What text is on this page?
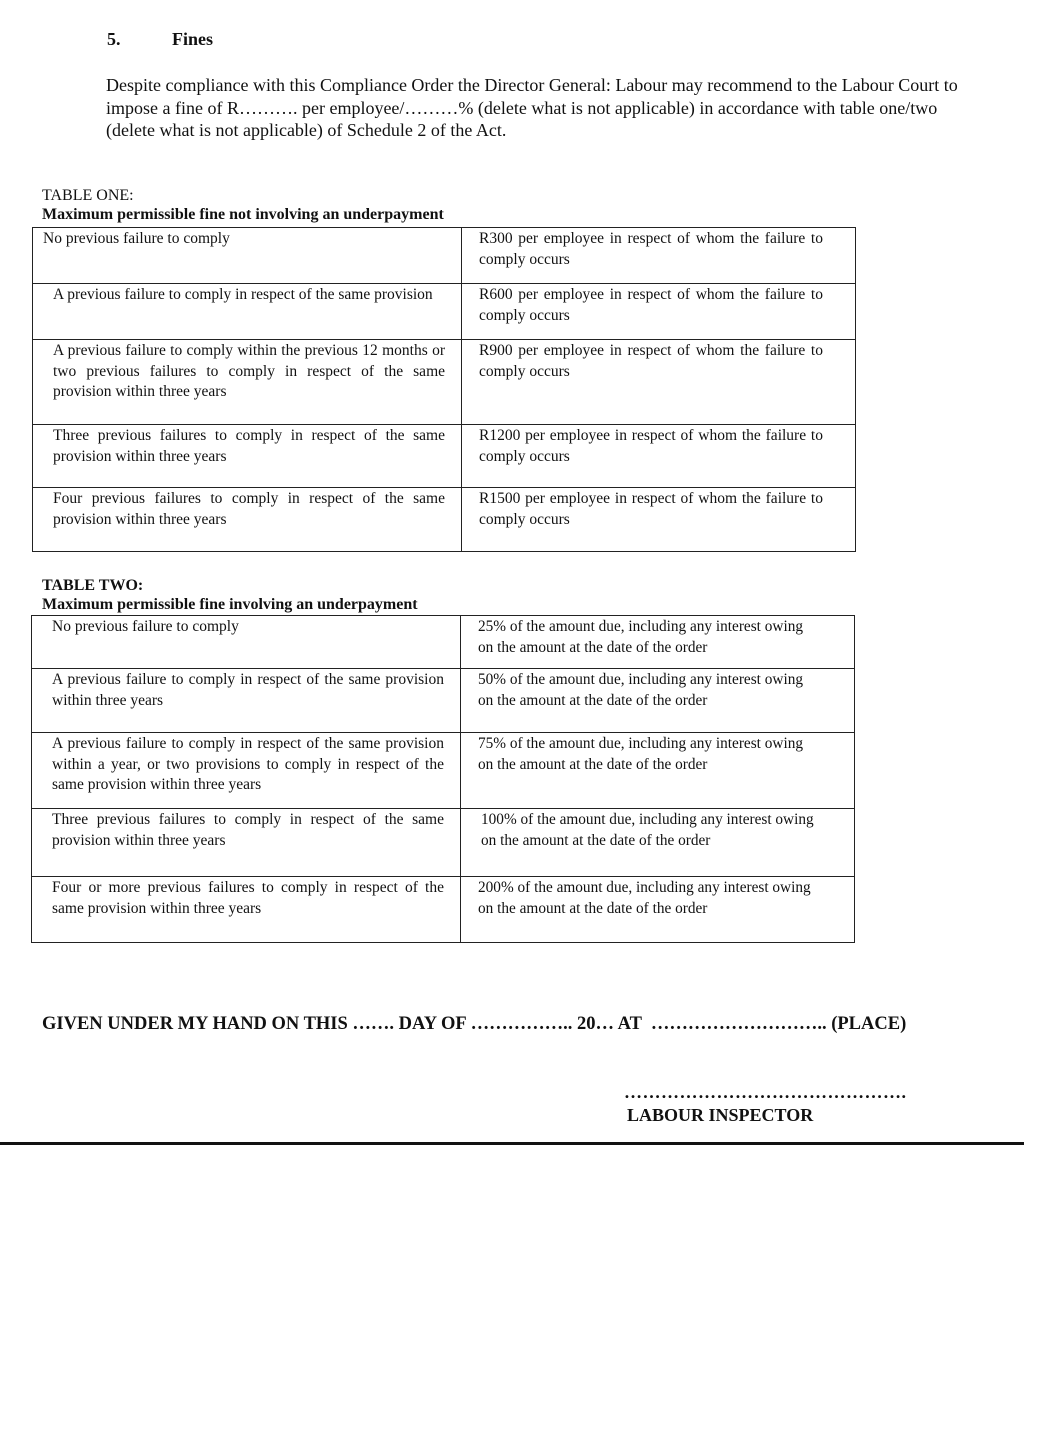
5.	Fines
Despite compliance with this Compliance Order the Director General: Labour may recommend to the Labour Court to impose a fine of R………. per employee/………% (delete what is not applicable) in accordance with table one/two (delete what is not applicable) of Schedule 2 of the Act.
TABLE ONE:
Maximum permissible fine not involving an underpayment
No previous failure to comply	R300 per employee in respect of whom the failure to comply occurs

A previous failure to comply in respect of the same provision	R600 per employee in respect of whom the failure to comply occurs

A previous failure to comply within the previous 12 months or two previous failures to comply in respect of the same provision within three years	R900 per employee in respect of whom the failure to comply occurs

Three previous failures to comply in respect of the same provision within three years	R1200 per employee in respect of whom the failure to comply occurs

Four previous failures to comply in respect of the same provision within three years	R1500 per employee in respect of whom the failure to comply occurs
TABLE TWO:
Maximum permissible fine involving an underpayment
No previous failure to comply	25% of the amount due, including any interest owing on the amount at the date of the order

A previous failure to comply in respect of the same provision within three years	50% of the amount due, including any interest owing on the amount at the date of the order

A previous failure to comply in respect of the same provision within a year, or two provisions to comply in respect of the same provision within three years	75% of the amount due, including any interest owing on the amount at the date of the order

Three previous failures to comply in respect of the same provision within three years	100% of the amount due, including any interest owing on the amount at the date of the order

Four or more previous failures to comply in respect of the same provision within three years	200% of the amount due, including any interest owing on the amount at the date of the order
GIVEN UNDER MY HAND ON THIS ……. DAY OF …………….. 20… AT  ……………………….. (PLACE)
……………………………………….
LABOUR INSPECTOR
